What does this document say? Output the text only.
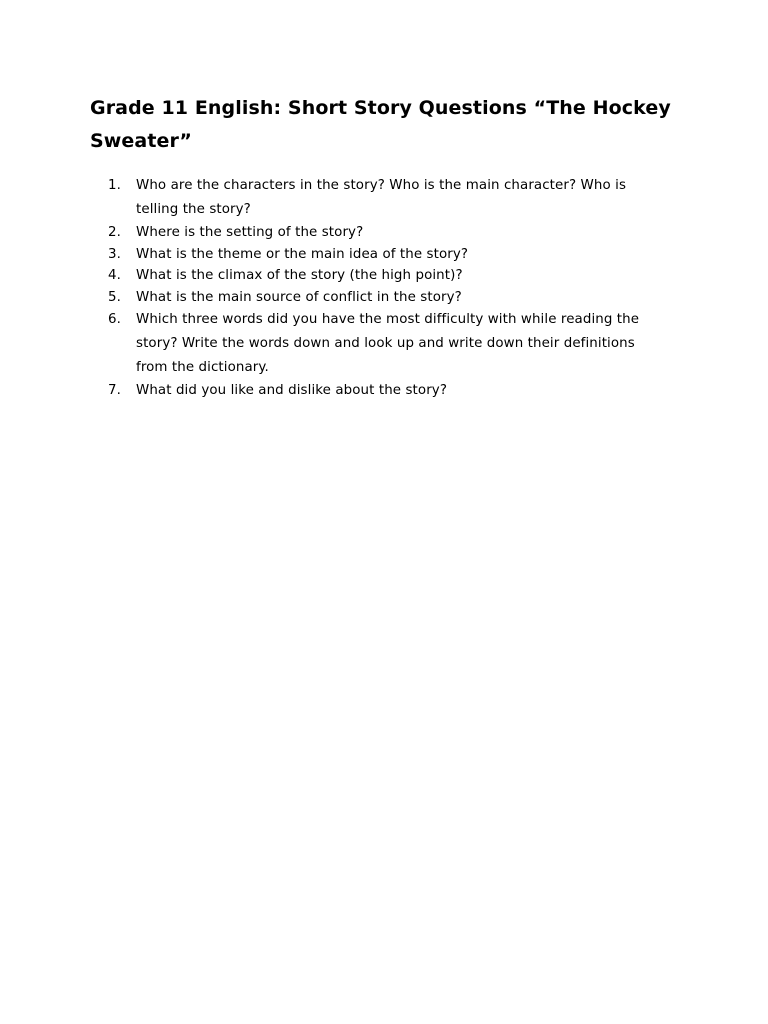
Grade 11 English: Short Story Questions “The Hockey Sweater”
1.	Who are the characters in the story? Who is the main character? Who is telling the story?
2.	Where is the setting of the story?
3.	What is the theme or the main idea of the story?
4.	What is the climax of the story (the high point)?
5.	What is the main source of conflict in the story?
6.	Which three words did you have the most difficulty with while reading the story? Write the words down and look up and write down their definitions from the dictionary.
7.	What did you like and dislike about the story?
